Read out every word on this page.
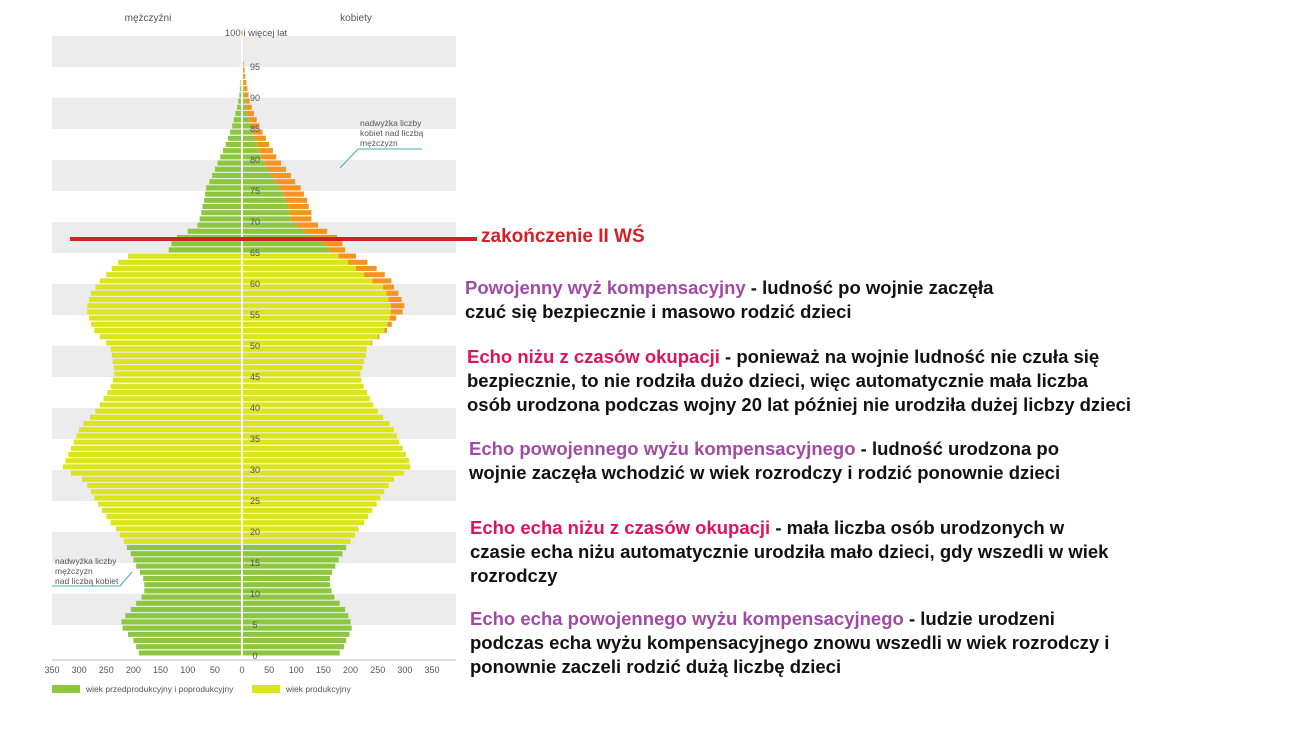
0
5
10
15
20
25
30
35
40
45
50
55
60
65
70
75
80
85
90
95
350 300 250 200 150 100 50 0 50 100 150 200 250 300 350
mężczyźni	kobiety
100 i więcej lat
nadwyżka liczby
mężczyzn
nad liczbą kobiet
nadwyżka liczby
kobiet nad liczbą
mężczyzn
wiek przedprodukcyjny i poprodukcyjny	wiek produkcyjny
zakończenie II WŚ
Powojenny wyż kompensacyjny - ludność po wojnie zaczęła
czuć się bezpiecznie i masowo rodzić dzieci
Echo niżu z czasów okupacji - ponieważ na wojnie ludność nie czuła się
bezpiecznie, to nie rodziła dużo dzieci, więc automatycznie mała liczba
osób urodzona podczas wojny 20 lat później nie urodziła dużej licbzy dzieci
Echo powojennego wyżu kompensacyjnego - ludność urodzona po
wojnie zaczęła wchodzić w wiek rozrodczy i rodzić ponownie dzieci
Echo echa niżu z czasów okupacji - mała liczba osób urodzonych w
czasie echa niżu automatycznie urodziła mało dzieci, gdy wszedli w wiek
rozrodczy
Echo echa powojennego wyżu kompensacyjnego - ludzie urodzeni
podczas echa wyżu kompensacyjnego znowu wszedli w wiek rozrodczy i
ponownie zaczeli rodzić dużą liczbę dzieci
